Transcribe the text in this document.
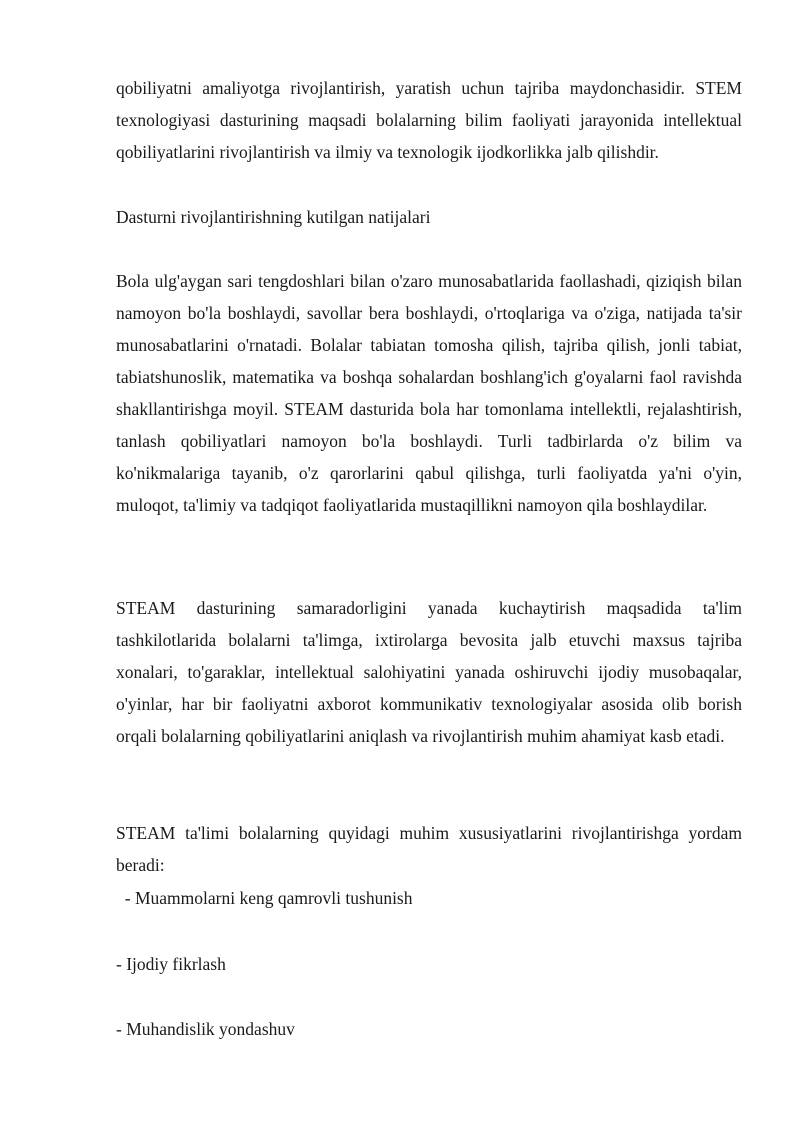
qobiliyatni amaliyotga rivojlantirish, yaratish uchun tajriba maydonchasidir. STEM texnologiyasi dasturining maqsadi bolalarning bilim faoliyati jarayonida intellektual qobiliyatlarini rivojlantirish va ilmiy va texnologik ijodkorlikka jalb qilishdir.

Dasturni rivojlantirishning kutilgan natijalari

Bola ulg'aygan sari tengdoshlari bilan o'zaro munosabatlarida faollashadi, qiziqish bilan namoyon bo'la boshlaydi, savollar bera boshlaydi, o'rtoqlariga va o'ziga, natijada ta'sir munosabatlarini o'rnatadi. Bolalar tabiatan tomosha qilish, tajriba qilish, jonli tabiat, tabiatshunoslik, matematika va boshqa sohalardan boshlang'ich g'oyalarni faol ravishda shakllantirishga moyil. STEAM dasturida bola har tomonlama intellektli, rejalashtirish, tanlash qobiliyatlari namoyon bo'la boshlaydi. Turli tadbirlarda o'z bilim va ko'nikmalariga tayanib, o'z qarorlarini qabul qilishga, turli faoliyatda ya'ni o'yin, muloqot, ta'limiy va tadqiqot faoliyatlarida mustaqillikni namoyon qila boshlaydilar.

STEAM dasturining samaradorligini yanada kuchaytirish maqsadida ta'lim tashkilotlarida bolalarni ta'limga, ixtirolarga bevosita jalb etuvchi maxsus tajriba xonalari, to'garaklar, intellektual salohiyatini yanada oshiruvchi ijodiy musobaqalar, o'yinlar, har bir faoliyatni axborot kommunikativ texnologiyalar asosida olib borish orqali bolalarning qobiliyatlarini aniqlash va rivojlantirish muhim ahamiyat kasb etadi.

STEAM ta'limi bolalarning quyidagi muhim xususiyatlarini rivojlantirishga yordam beradi:

- Muammolarni keng qamrovli tushunish

- Ijodiy fikrlash

- Muhandislik yondashuv
